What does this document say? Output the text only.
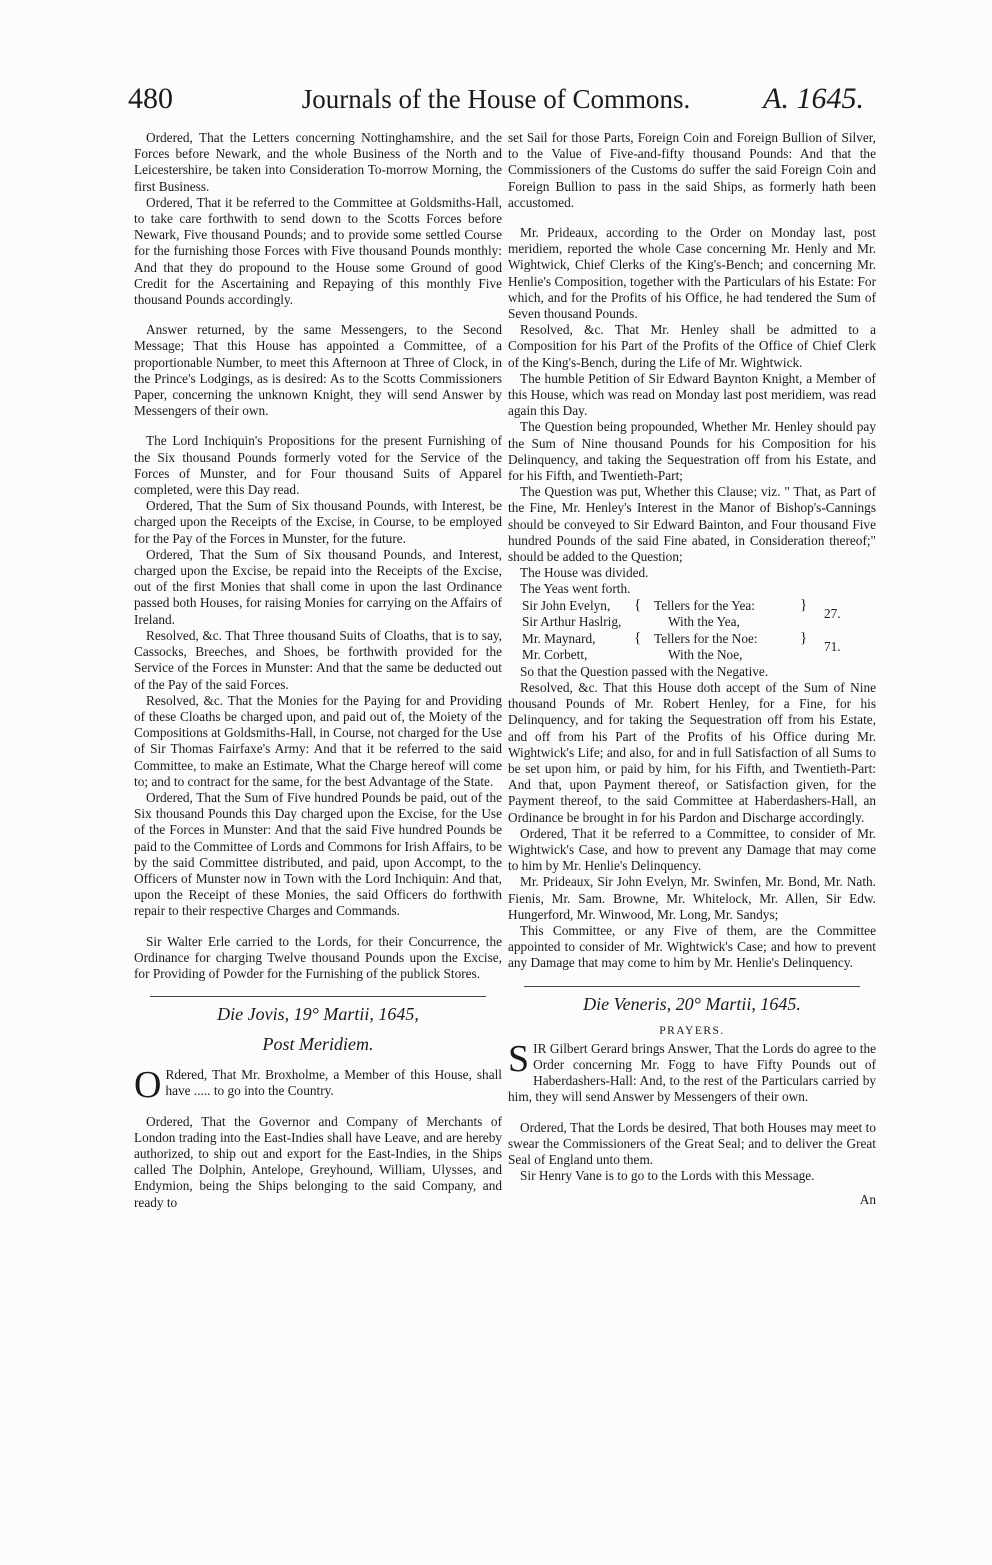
480	Journals of the House of Commons.	A. 1645.

Ordered, That the Letters concerning Nottinghamshire, and the Forces before Newark, and the whole Business of the North and Leicestershire, be taken into Consideration To-morrow Morning, the first Business.

Ordered, That it be referred to the Committee at Goldsmiths-Hall, to take care forthwith to send down to the Scotts Forces before Newark, Five thousand Pounds; and to provide some settled Course for the furnishing those Forces with Five thousand Pounds monthly: And that they do propound to the House some Ground of good Credit for the Ascertaining and Repaying of this monthly Five thousand Pounds accordingly.

Answer returned, by the same Messengers, to the Second Message; That this House has appointed a Committee, of a proportionable Number, to meet this Afternoon at Three of Clock, in the Prince's Lodgings, as is desired: As to the Scotts Commissioners Paper, concerning the unknown Knight, they will send Answer by Messengers of their own.

The Lord Inchiquin's Propositions for the present Furnishing of the Six thousand Pounds formerly voted for the Service of the Forces of Munster, and for Four thousand Suits of Apparel completed, were this Day read.

Ordered, That the Sum of Six thousand Pounds, with Interest, be charged upon the Receipts of the Excise, in Course, to be employed for the Pay of the Forces in Munster, for the future.

Ordered, That the Sum of Six thousand Pounds, and Interest, charged upon the Excise, be repaid into the Receipts of the Excise, out of the first Monies that shall come in upon the last Ordinance passed both Houses, for raising Monies for carrying on the Affairs of Ireland.

Resolved, &c. That Three thousand Suits of Cloaths, that is to say, Cassocks, Breeches, and Shoes, be forthwith provided for the Service of the Forces in Munster: And that the same be deducted out of the Pay of the said Forces.

Resolved, &c. That the Monies for the Paying for and Providing of these Cloaths be charged upon, and paid out of, the Moiety of the Compositions at Goldsmiths-Hall, in Course, not charged for the Use of Sir Thomas Fairfaxe's Army: And that it be referred to the said Committee, to make an Estimate, What the Charge hereof will come to; and to contract for the same, for the best Advantage of the State.

Ordered, That the Sum of Five hundred Pounds be paid, out of the Six thousand Pounds this Day charged upon the Excise, for the Use of the Forces in Munster: And that the said Five hundred Pounds be paid to the Committee of Lords and Commons for Irish Affairs, to be by the said Committee distributed, and paid, upon Accompt, to the Officers of Munster now in Town with the Lord Inchiquin: And that, upon the Receipt of these Monies, the said Officers do forthwith repair to their respective Charges and Commands.

Sir Walter Erle carried to the Lords, for their Concurrence, the Ordinance for charging Twelve thousand Pounds upon the Excise, for Providing of Powder for the Furnishing of the publick Stores.

Die Jovis, 19° Martii, 1645,
Post Meridiem.

O Rdered, That Mr. Broxholme, a Member of this House, shall have ..... to go into the Country.

Ordered, That the Governor and Company of Merchants of London trading into the East-Indies shall have Leave, and are hereby authorized, to ship out and export for the East-Indies, in the Ships called The Dolphin, Antelope, Greyhound, William, Ulysses, and Endymion, being the Ships belonging to the said Company, and ready to

set Sail for those Parts, Foreign Coin and Foreign Bullion of Silver, to the Value of Five-and-fifty thousand Pounds: And that the Commissioners of the Customs do suffer the said Foreign Coin and Foreign Bullion to pass in the said Ships, as formerly hath been accustomed.

Mr. Prideaux, according to the Order on Monday last, post meridiem, reported the whole Case concerning Mr. Henly and Mr. Wightwick, Chief Clerks of the King's-Bench; and concerning Mr. Henlie's Composition, together with the Particulars of his Estate: For which, and for the Profits of his Office, he had tendered the Sum of Seven thousand Pounds.

Resolved, &c. That Mr. Henley shall be admitted to a Composition for his Part of the Profits of the Office of Chief Clerk of the King's-Bench, during the Life of Mr. Wightwick.

The humble Petition of Sir Edward Baynton Knight, a Member of this House, which was read on Monday last post meridiem, was read again this Day.

The Question being propounded, Whether Mr. Henley should pay the Sum of Nine thousand Pounds for his Composition for his Delinquency, and taking the Sequestration off from his Estate, and for his Fifth, and Twentieth-Part;

The Question was put, Whether this Clause; viz. " That, as Part of the Fine, Mr. Henley's Interest in the Manor of Bishop's-Cannings should be conveyed to Sir Edward Bainton, and Four thousand Five hundred Pounds of the said Fine abated, in Consideration thereof;" should be added to the Question;

The House was divided.

The Yeas went forth.

Sir John Evelyn,
Sir Arthur Haslrig,
Mr. Maynard,
Mr. Corbett,
{
{
Tellers for the Yea:
With the Yea,
Tellers for the Noe:
With the Noe,
}
}
27.
71.

So that the Question passed with the Negative.

Resolved, &c. That this House doth accept of the Sum of Nine thousand Pounds of Mr. Robert Henley, for a Fine, for his Delinquency, and for taking the Sequestration off from his Estate, and off from his Part of the Profits of his Office during Mr. Wightwick's Life; and also, for and in full Satisfaction of all Sums to be set upon him, or paid by him, for his Fifth, and Twentieth-Part: And that, upon Payment thereof, or Satisfaction given, for the Payment thereof, to the said Committee at Haberdashers-Hall, an Ordinance be brought in for his Pardon and Discharge accordingly.

Ordered, That it be referred to a Committee, to consider of Mr. Wightwick's Case, and how to prevent any Damage that may come to him by Mr. Henlie's Delinquency.

Mr. Prideaux, Sir John Evelyn, Mr. Swinfen, Mr. Bond, Mr. Nath. Fienis, Mr. Sam. Browne, Mr. Whitelock, Mr. Allen, Sir Edw. Hungerford, Mr. Winwood, Mr. Long, Mr. Sandys;

This Committee, or any Five of them, are the Committee appointed to consider of Mr. Wightwick's Case; and how to prevent any Damage that may come to him by Mr. Henlie's Delinquency.

Die Veneris, 20° Martii, 1645.
PRAYERS.

SIR Gilbert Gerard brings Answer, That the Lords do agree to the Order concerning Mr. Fogg to have Fifty Pounds out of Haberdashers-Hall: And, to the rest of the Particulars carried by him, they will send Answer by Messengers of their own.

Ordered, That the Lords be desired, That both Houses may meet to swear the Commissioners of the Great Seal; and to deliver the Great Seal of England unto them.

Sir Henry Vane is to go to the Lords with this Message.

An
